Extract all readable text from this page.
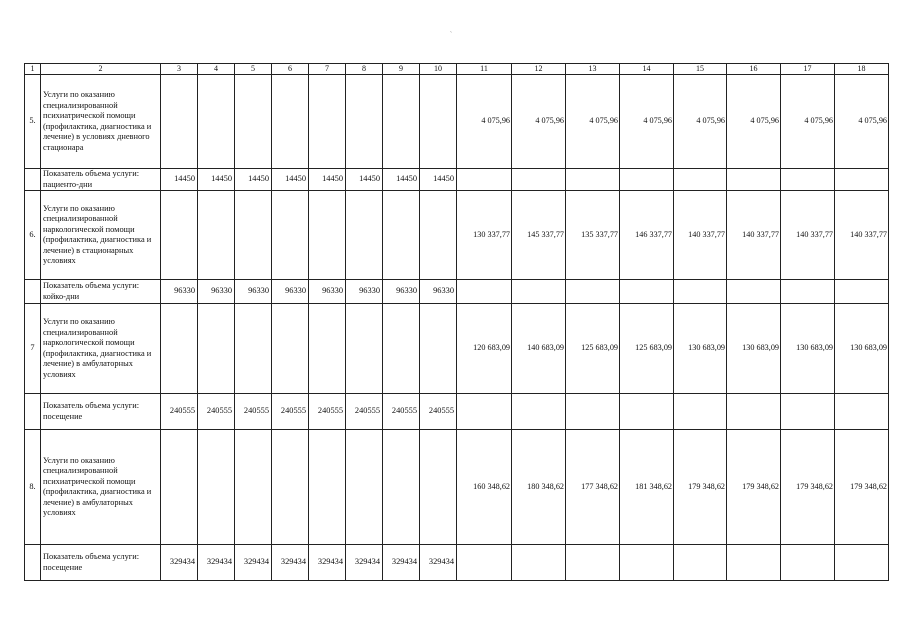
`
1	2	3	4	5	6	7	8	9	10	11	12	13	14	15	16	17	18
5.	Услуги по оказанию специализированной психиатрической помощи (профилактика, диагностика и лечение) в условиях дневного стационара									4 075,96	4 075,96	4 075,96	4 075,96	4 075,96	4 075,96	4 075,96	4 075,96
	Показатель объема услуги: пациенто-дни	14450	14450	14450	14450	14450	14450	14450	14450								
6.	Услуги по оказанию специализированной наркологической помощи (профилактика, диагностика и лечение) в стационарных условиях									130 337,77	145 337,77	135 337,77	146 337,77	140 337,77	140 337,77	140 337,77	140 337,77
	Показатель объема услуги: койко-дни	96330	96330	96330	96330	96330	96330	96330	96330								
7	Услуги по оказанию специализированной наркологической помощи (профилактика, диагностика и лечение) в амбулаторных условиях									120 683,09	140 683,09	125 683,09	125 683,09	130 683,09	130 683,09	130 683,09	130 683,09
	Показатель объема услуги: посещение	240555	240555	240555	240555	240555	240555	240555	240555								
8.	Услуги по оказанию специализированной психиатрической помощи (профилактика, диагностика и лечение) в амбулаторных условиях									160 348,62	180 348,62	177 348,62	181 348,62	179 348,62	179 348,62	179 348,62	179 348,62
	Показатель объема услуги: посещение	329434	329434	329434	329434	329434	329434	329434	329434								
